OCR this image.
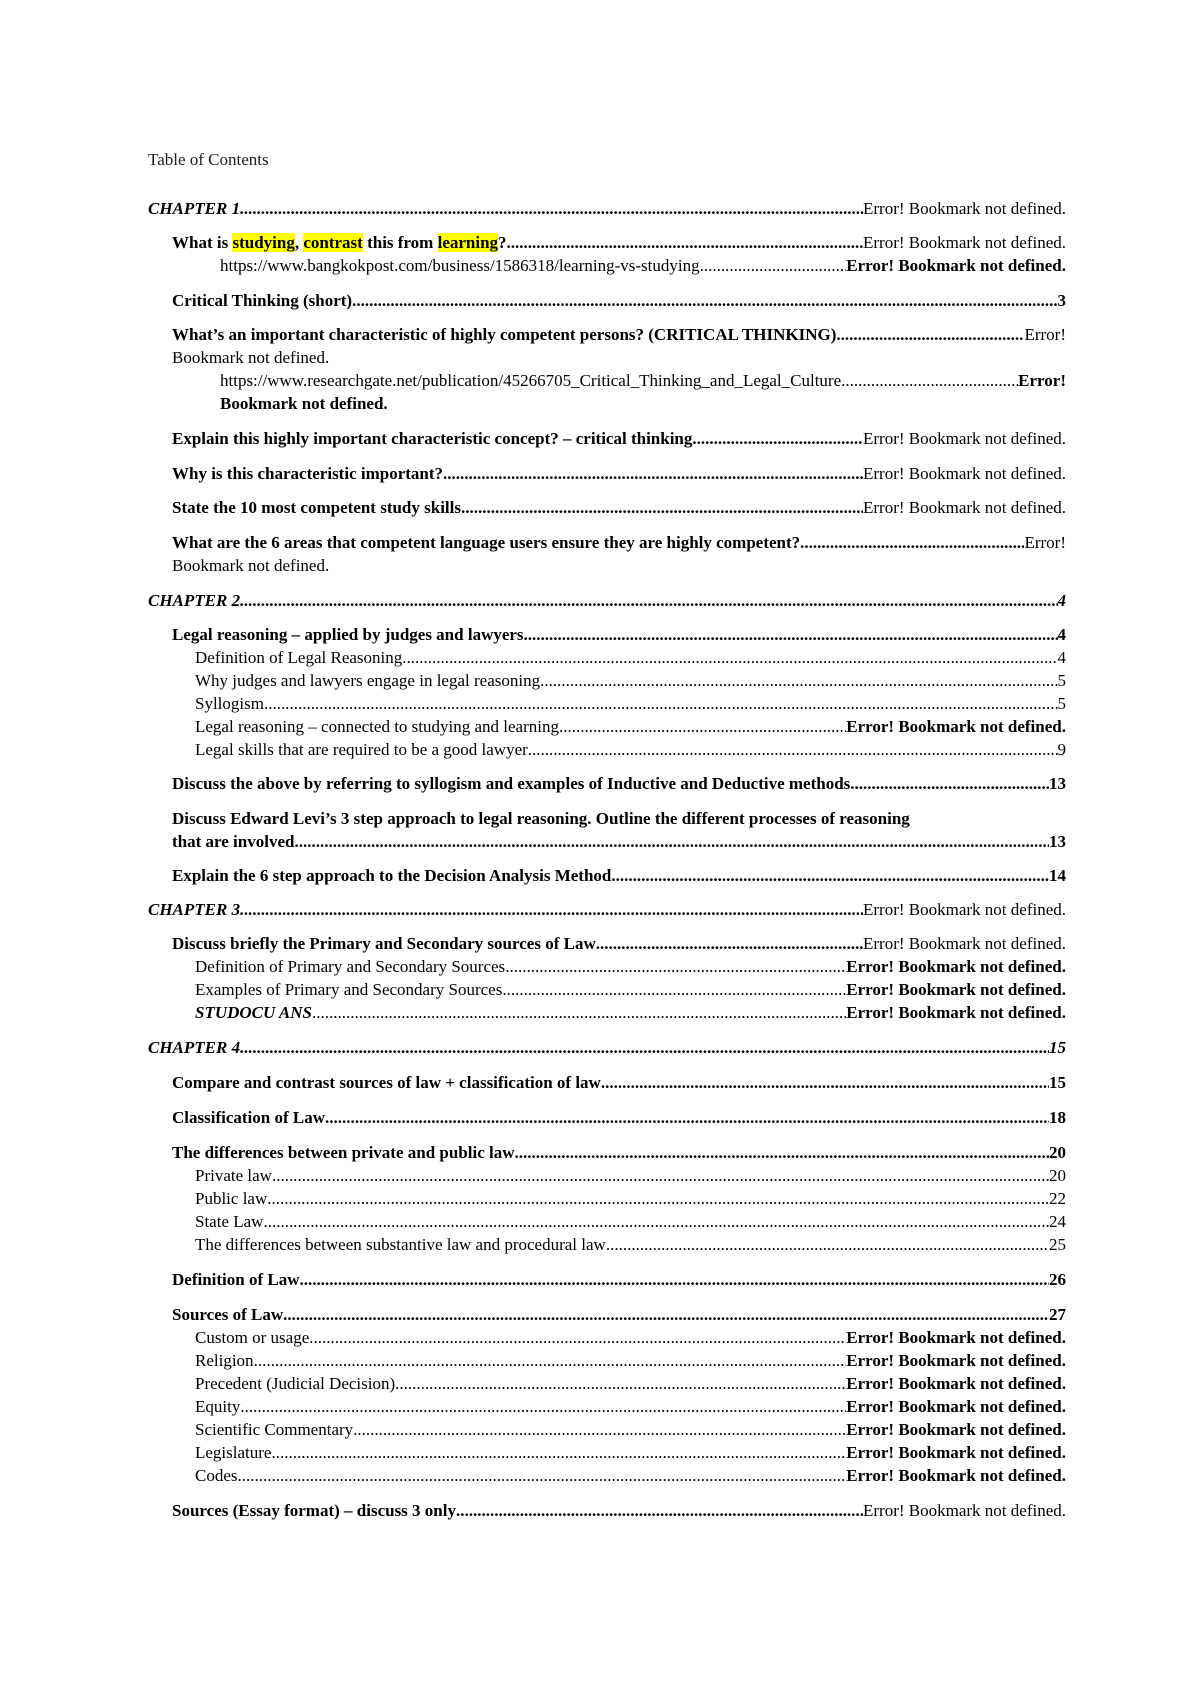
Table of Contents
CHAPTER 1 .....	Error! Bookmark not defined.
What is studying, contrast this from learning? .....	Error! Bookmark not defined.
https://www.bangkokpost.com/business/1586318/learning-vs-studying .....	Error! Bookmark not defined.
Critical Thinking (short) .....	3
What’s an important characteristic of highly competent persons? (CRITICAL THINKING) .....	Error!
Bookmark not defined.
https://www.researchgate.net/publication/45266705_Critical_Thinking_and_Legal_Culture .....	Error!
Bookmark not defined.
Explain this highly important characteristic concept? – critical thinking .....	Error! Bookmark not defined.
Why is this characteristic important? .....	Error! Bookmark not defined.
State the 10 most competent study skills .....	Error! Bookmark not defined.
What are the 6 areas that competent language users ensure they are highly competent? .....	Error!
Bookmark not defined.
CHAPTER 2 .....	4
Legal reasoning – applied by judges and lawyers .....	4
Definition of Legal Reasoning .....	4
Why judges and lawyers engage in legal reasoning .....	5
Syllogism .....	5
Legal reasoning – connected to studying and learning .....	Error! Bookmark not defined.
Legal skills that are required to be a good lawyer .....	9
Discuss the above by referring to syllogism and examples of Inductive and Deductive methods. .....	13
Discuss Edward Levi’s 3 step approach to legal reasoning. Outline the different processes of reasoning
that are involved .....	13
Explain the 6 step approach to the Decision Analysis Method .....	14
CHAPTER 3 .....	Error! Bookmark not defined.
Discuss briefly the Primary and Secondary sources of Law .....	Error! Bookmark not defined.
Definition of Primary and Secondary Sources .....	Error! Bookmark not defined.
Examples of Primary and Secondary Sources .....	Error! Bookmark not defined.
STUDOCU ANS .....	Error! Bookmark not defined.
CHAPTER 4 .....	15
Compare and contrast sources of law + classification of law .....	15
Classification of Law .....	18
The differences between private and public law .....	20
Private law .....	20
Public law .....	22
State Law .....	24
The differences between substantive law and procedural law .....	25
Definition of Law .....	26
Sources of Law .....	27
Custom or usage .....	Error! Bookmark not defined.
Religion .....	Error! Bookmark not defined.
Precedent (Judicial Decision) .....	Error! Bookmark not defined.
Equity .....	Error! Bookmark not defined.
Scientific Commentary .....	Error! Bookmark not defined.
Legislature .....	Error! Bookmark not defined.
Codes .....	Error! Bookmark not defined.
Sources (Essay format) – discuss 3 only .....	Error! Bookmark not defined.
